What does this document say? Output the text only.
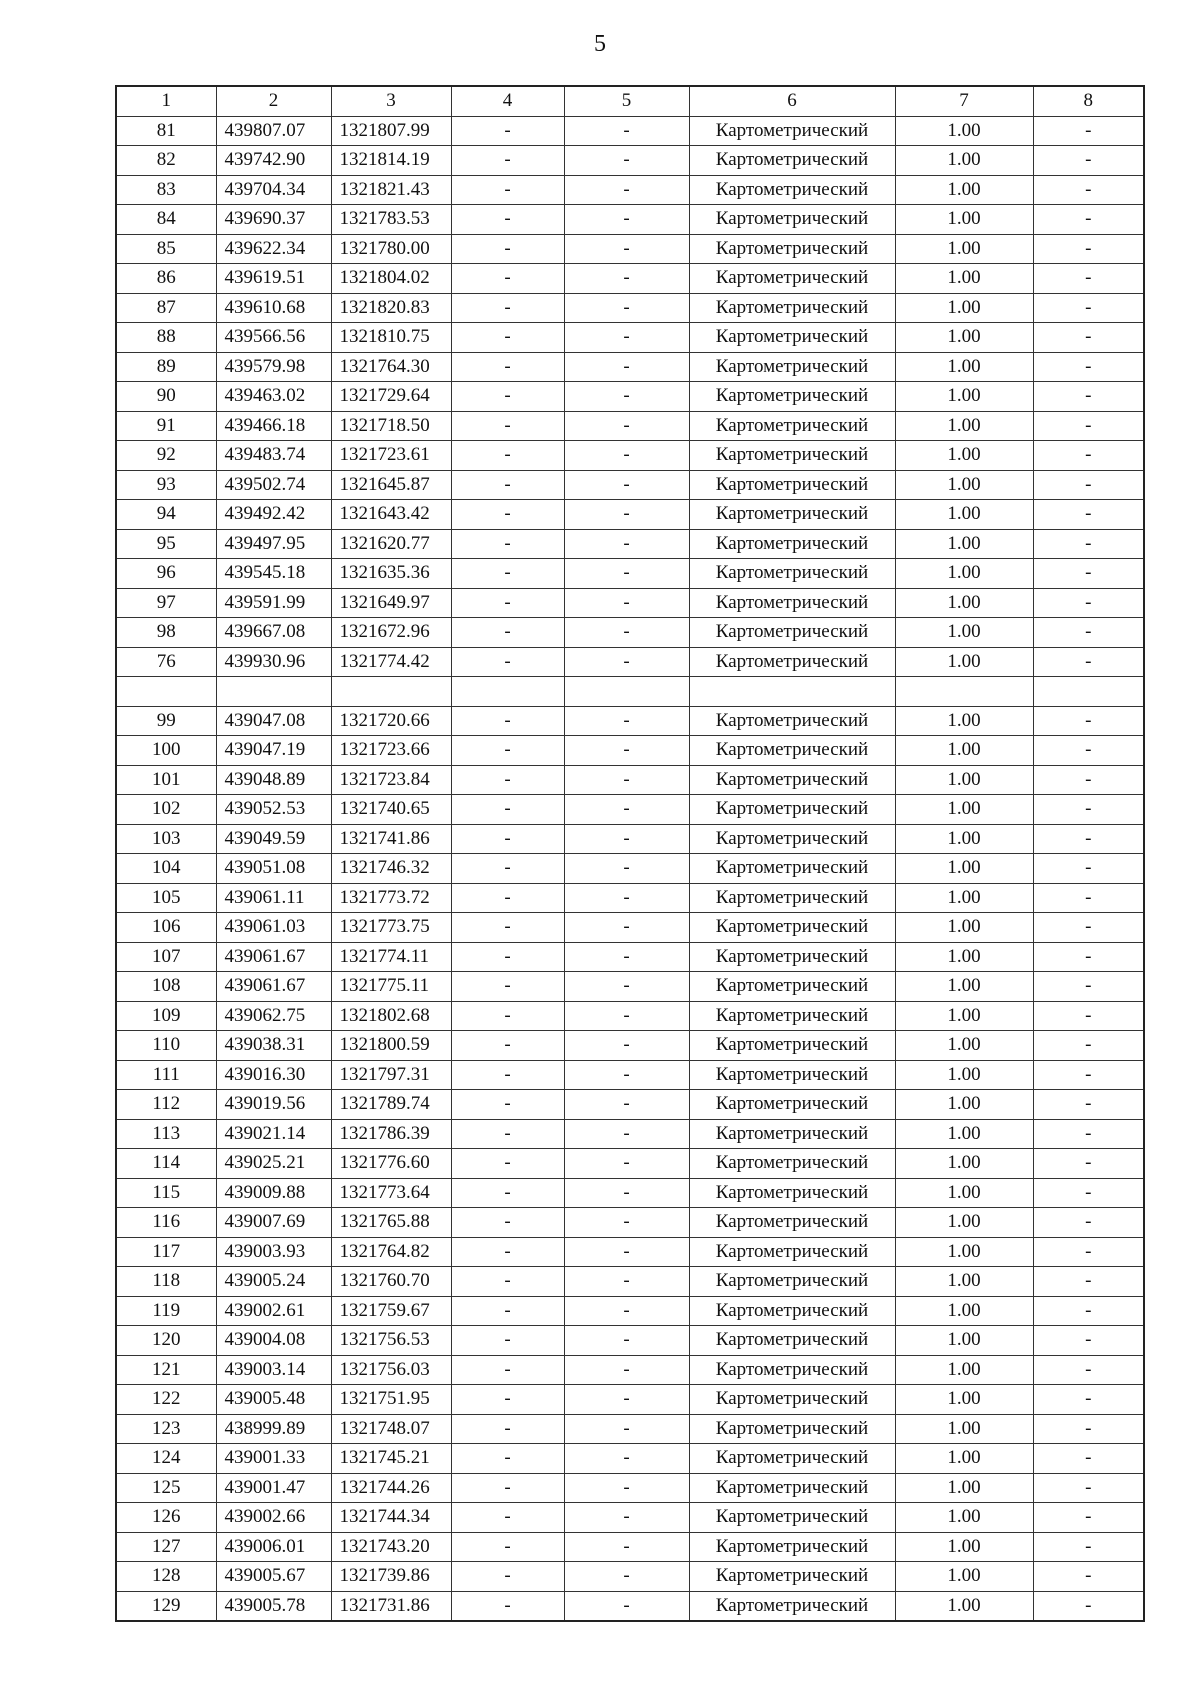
5
1	2	3	4	5	6	7	8
81	439807.07	1321807.99	-	-	Картометрический	1.00	-
82	439742.90	1321814.19	-	-	Картометрический	1.00	-
83	439704.34	1321821.43	-	-	Картометрический	1.00	-
84	439690.37	1321783.53	-	-	Картометрический	1.00	-
85	439622.34	1321780.00	-	-	Картометрический	1.00	-
86	439619.51	1321804.02	-	-	Картометрический	1.00	-
87	439610.68	1321820.83	-	-	Картометрический	1.00	-
88	439566.56	1321810.75	-	-	Картометрический	1.00	-
89	439579.98	1321764.30	-	-	Картометрический	1.00	-
90	439463.02	1321729.64	-	-	Картометрический	1.00	-
91	439466.18	1321718.50	-	-	Картометрический	1.00	-
92	439483.74	1321723.61	-	-	Картометрический	1.00	-
93	439502.74	1321645.87	-	-	Картометрический	1.00	-
94	439492.42	1321643.42	-	-	Картометрический	1.00	-
95	439497.95	1321620.77	-	-	Картометрический	1.00	-
96	439545.18	1321635.36	-	-	Картометрический	1.00	-
97	439591.99	1321649.97	-	-	Картометрический	1.00	-
98	439667.08	1321672.96	-	-	Картометрический	1.00	-
76	439930.96	1321774.42	-	-	Картометрический	1.00	-

99	439047.08	1321720.66	-	-	Картометрический	1.00	-
100	439047.19	1321723.66	-	-	Картометрический	1.00	-
101	439048.89	1321723.84	-	-	Картометрический	1.00	-
102	439052.53	1321740.65	-	-	Картометрический	1.00	-
103	439049.59	1321741.86	-	-	Картометрический	1.00	-
104	439051.08	1321746.32	-	-	Картометрический	1.00	-
105	439061.11	1321773.72	-	-	Картометрический	1.00	-
106	439061.03	1321773.75	-	-	Картометрический	1.00	-
107	439061.67	1321774.11	-	-	Картометрический	1.00	-
108	439061.67	1321775.11	-	-	Картометрический	1.00	-
109	439062.75	1321802.68	-	-	Картометрический	1.00	-
110	439038.31	1321800.59	-	-	Картометрический	1.00	-
111	439016.30	1321797.31	-	-	Картометрический	1.00	-
112	439019.56	1321789.74	-	-	Картометрический	1.00	-
113	439021.14	1321786.39	-	-	Картометрический	1.00	-
114	439025.21	1321776.60	-	-	Картометрический	1.00	-
115	439009.88	1321773.64	-	-	Картометрический	1.00	-
116	439007.69	1321765.88	-	-	Картометрический	1.00	-
117	439003.93	1321764.82	-	-	Картометрический	1.00	-
118	439005.24	1321760.70	-	-	Картометрический	1.00	-
119	439002.61	1321759.67	-	-	Картометрический	1.00	-
120	439004.08	1321756.53	-	-	Картометрический	1.00	-
121	439003.14	1321756.03	-	-	Картометрический	1.00	-
122	439005.48	1321751.95	-	-	Картометрический	1.00	-
123	438999.89	1321748.07	-	-	Картометрический	1.00	-
124	439001.33	1321745.21	-	-	Картометрический	1.00	-
125	439001.47	1321744.26	-	-	Картометрический	1.00	-
126	439002.66	1321744.34	-	-	Картометрический	1.00	-
127	439006.01	1321743.20	-	-	Картометрический	1.00	-
128	439005.67	1321739.86	-	-	Картометрический	1.00	-
129	439005.78	1321731.86	-	-	Картометрический	1.00	-
